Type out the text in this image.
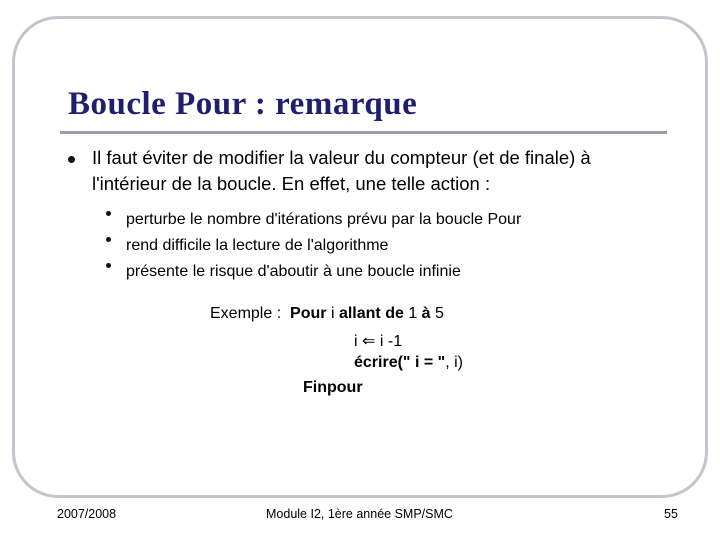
Boucle Pour : remarque

Il faut éviter de modifier la valeur du compteur (et de finale) à l'intérieur de la boucle. En effet, une telle action :

perturbe le nombre d'itérations prévu par la boucle Pour
rend difficile la lecture de l'algorithme
présente le risque d'aboutir à une boucle infinie
Exemple : Pour i allant de 1 à 5
i ⇐ i -1
écrire(" i = ", i)
Finpour
2007/2008	Module I2, 1ère année SMP/SMC	55
